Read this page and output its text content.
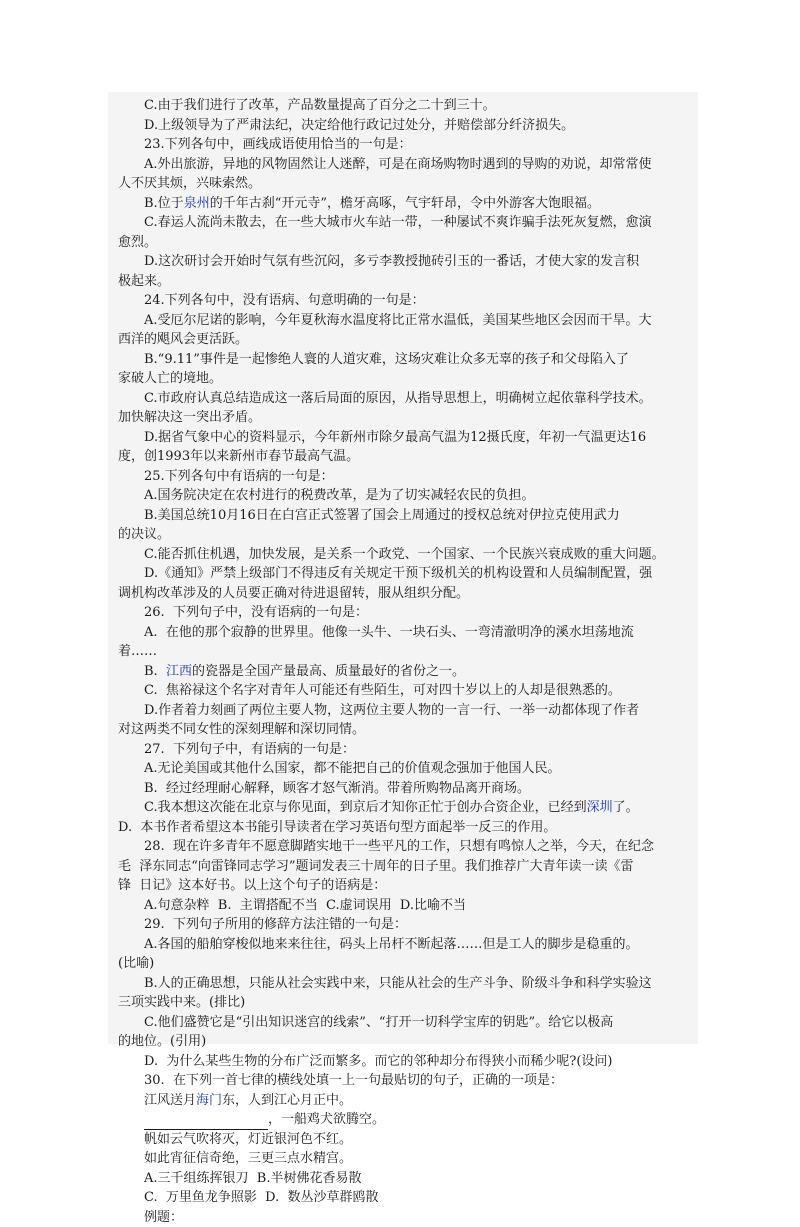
C.由于我们进行了改革，产品数量提高了百分之二十到三十。
D.上级领导为了严肃法纪，决定给他行政记过处分，并赔偿部分纤济损失。
23.下列各句中，画线成语使用恰当的一句是：
A.外出旅游，异地的风物固然让人迷醉，可是在商场购物时遇到的导购的劝说，却常常使
人不厌其烦，兴味索然。
B.位于泉州的千年古刹“开元寺”，檐牙高啄，气宇轩昂，令中外游客大饱眼福。
C.春运人流尚未散去，在一些大城市火车站一带，一种屡试不爽诈骗手法死灰复燃，愈演
愈烈。
D.这次研讨会开始时气氛有些沉闷，多亏李教授抛砖引玉的一番话，才使大家的发言积
极起来。
24.下列各句中，没有语病、句意明确的一句是：
A.受厄尔尼诺的影响，今年夏秋海水温度将比正常水温低，美国某些地区会因而干旱。大
西洋的飓风会更活跃。
B.“9.11”事件是一起惨绝人寰的人道灾难，这场灾难让众多无辜的孩子和父母陷入了
家破人亡的境地。
C.市政府认真总结造成这一落后局面的原因，从指导思想上，明确树立起依靠科学技术。
加快解决这一突出矛盾。
D.据省气象中心的资料显示，今年新州市除夕最高气温为12摄氏度，年初一气温更达16
度，创1993年以来新州市春节最高气温。
25.下列各句中有语病的一句是：
A.国务院决定在农村进行的税费改革，是为了切实减轻农民的负担。
B.美国总统10月16日在白宫正式签署了国会上周通过的授权总统对伊拉克使用武力
的决议。
C.能否抓住机遇，加快发展，是关系一个政党、一个国家、一个民族兴衰成败的重大问题。
D.《通知》严禁上级部门不得违反有关规定干预下级机关的机构设置和人员编制配置，强
调机构改革涉及的人员要正确对待进退留转，服从组织分配。
26.  下列句子中，没有语病的一句是：
A.  在他的那个寂静的世界里。他像一头牛、一块石头、一弯清澈明净的溪水坦荡地流
着……
B.  江西的瓷器是全国产量最高、质量最好的省份之一。
C.  焦裕禄这个名字对青年人可能还有些陌生，可对四十岁以上的人却是很熟悉的。
D.作者着力刻画了两位主要人物，这两位主要人物的一言一行、一举一动都体现了作者
对这两类不同女性的深刻理解和深切同情。
27.  下列句子中，有语病的一句是：
A.无论美国或其他什么国家，都不能把自己的价值观念强加于他国人民。
B.  经过经理耐心解释，顾客才怒气渐消。带着所购物品离开商场。
C.我本想这次能在北京与你见面，到京后才知你正忙于创办合资企业，已经到深圳了。
D.  本书作者希望这本书能引导读者在学习英语句型方面起举一反三的作用。
28.  现在许多青年不愿意脚踏实地干一些平凡的工作，只想有鸣惊人之举，今天，在纪念
毛  泽东同志“向雷锋同志学习”题词发表三十周年的日子里。我们推荐广大青年读一读《雷
锋  日记》这本好书。以上这个句子的语病是：
A.句意杂粹  B.  主谓搭配不当  C.虚词误用  D.比喻不当
29.  下列句子所用的修辞方法注错的一句是：
A.各国的船舶穿梭似地来来往往，码头上吊杆不断起落……但是工人的脚步是稳重的。
(比喻)
B.人的正确思想，只能从社会实践中来，只能从社会的生产斗争、阶级斗争和科学实验这
三项实践中来。(排比)
C.他们盛赞它是“引出知识迷宫的线索”、“打开一切科学宝库的钥匙”。给它以极高
的地位。(引用)
D.  为什么某些生物的分布广泛而繁多。而它的邻种却分布得狭小而稀少呢?(设问)
30.  在下列一首七律的横线处填一上一句最贴切的句子，正确的一项是：
江风送月海门东，人到江心月正中。
，一船鸡犬欲腾空。
帆如云气吹将灭，灯近银河色不红。
如此宵征信奇绝，三更三点水精宫。
A.三千组练挥银刀  B.半树佛花香易散
C.  万里鱼龙争照影  D.  数丛沙草群鸥散
例题：
